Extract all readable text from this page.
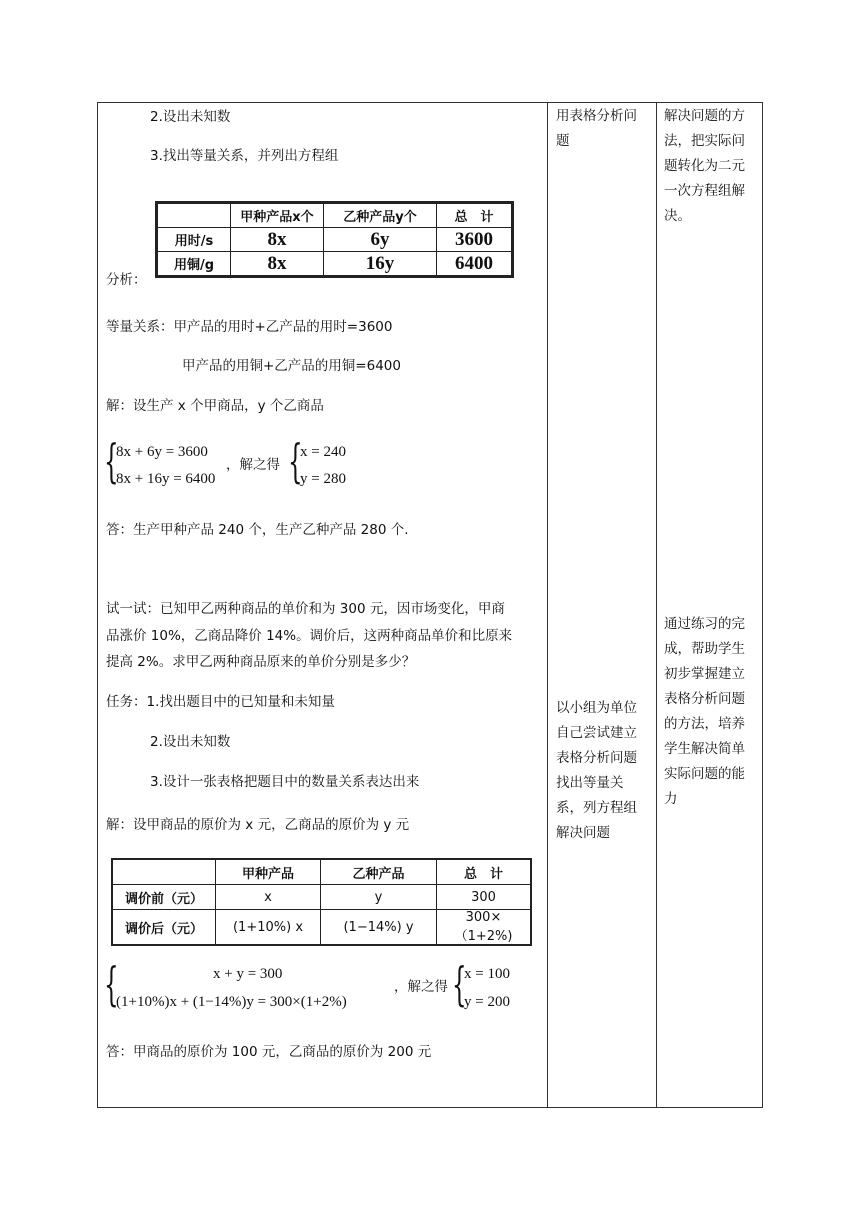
2.设出未知数
3.找出等量关系，并列出方程组
	甲种产品x个	乙种产品y个	总　计
用时/s	8x	6y	3600
用铜/g	8x	16y	6400
分析：
等量关系：甲产品的用时+乙产品的用时=3600
甲产品的用铜+乙产品的用铜=6400
解：设生产 x 个甲商品，y 个乙商品
{
8x + 6y = 3600
8x + 16y = 6400
，解之得 {
x = 240
y = 280
答：生产甲种产品 240 个，生产乙种产品 280 个.
试一试：已知甲乙两种商品的单价和为 300 元，因市场变化，甲商
品涨价 10%，乙商品降价 14%。调价后，这两种商品单价和比原来
提高 2%。求甲乙两种商品原来的单价分别是多少？
任务：1.找出题目中的已知量和未知量
2.设出未知数
3.设计一张表格把题目中的数量关系表达出来
解：设甲商品的原价为 x 元，乙商品的原价为 y 元
	甲种产品	乙种产品	总　计
调价前（元）	x	y	300
调价后（元）	(1+10%) x	(1−14%) y	300×（1+2%)
{	x + y = 300
(1+10%)x + (1−14%)y = 300×(1+2%)
，解之得 {
x = 100
y = 200
答：甲商品的原价为 100 元，乙商品的原价为 200 元
用表格分析问题
以小组为单位自己尝试建立表格分析问题找出等量关系，列方程组解决问题
解决问题的方法，把实际问题转化为二元一次方程组解决。
通过练习的完成，帮助学生初步掌握建立表格分析问题的方法，培养学生解决简单实际问题的能力
